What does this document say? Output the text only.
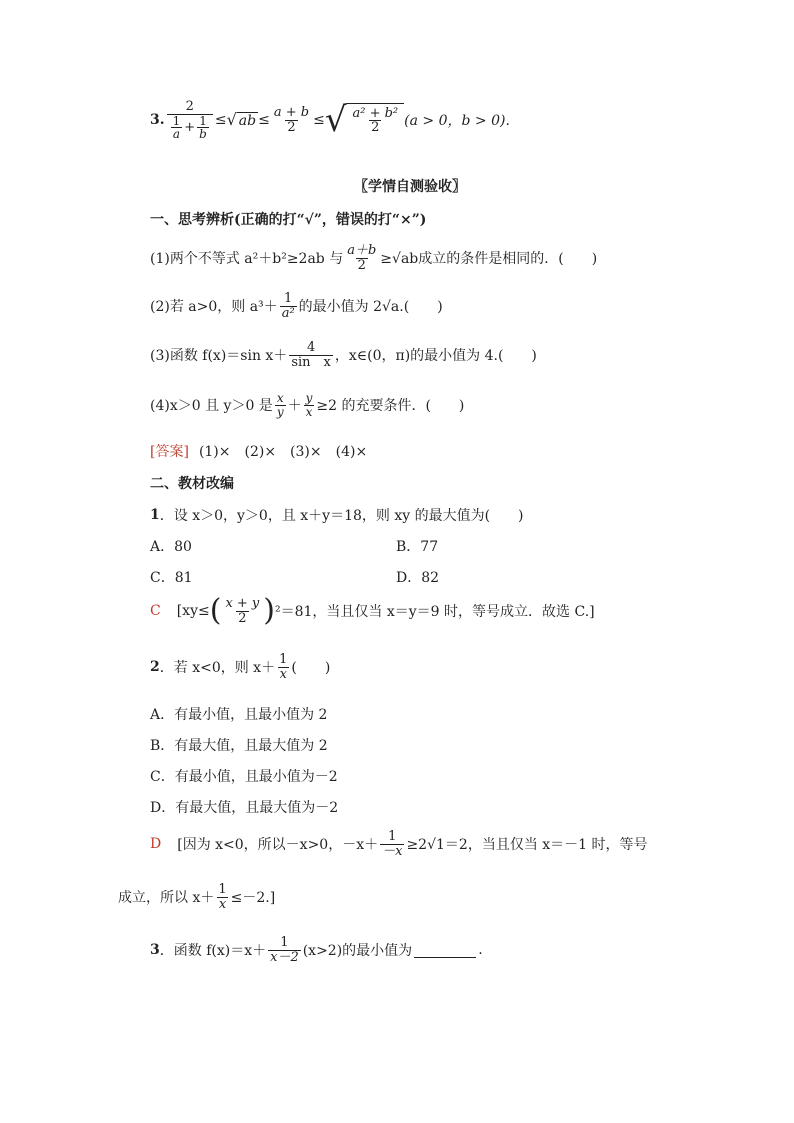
3. $\frac{2}{\frac{1}{a} + \frac{1}{b}}$ ≤ √ ab ≤ $\frac{a + b}{2}$ ≤ √ $\frac{\text{a² + b²}}{2} (a > 0$，b > 0).
〖学情自测验收〗
一、思考辨析(正确的打“√”，错误的打“×”)
(1)两个不等式 a²＋b²≥2ab 与 $\frac{a+b}{2} \ge√ab$成立的条件是相同的．(　　)
(2)若 a>0，则 $a^3+ \frac{1}{\text{a²}}$ 的最小值为 2√a.(　　)
(3)函数 f(x)＝sin $x+ \frac{4}{\text{sin　x}}$ ，x∈(0，π)的最小值为 4.(　　)
(4)x＞0 且 y＞0 是 $\frac{x}{y} + \frac{y}{x} \ge 2$ 的充要条件．(　　)
[答案] (1)×　(2)×　(3)×　(4)×
二、教材改编
1 ．设 x＞0，y＞0，且 x＋y＝18，则 xy 的最大值为(　　)
A．80	B．77
C．81	D．82
C [xy≤ ( $\frac{x + y}{2}$ ) ²＝81，当且仅当 x＝y＝9 时，等号成立．故选 C.]
2 ．若 x<0，则 $x+ \frac{1}{x}$ (　　)
A．有最小值，且最小值为 2
B．有最大值，且最大值为 2
C．有最小值，且最小值为－2
D．有最大值，且最大值为－2
D [因为 x<0，所以－x>0，$-x+ \frac{1}{-x} \ge 2√1=2$，当且仅当 x＝－1 时，等号
成立，所以 $x+ \frac{1}{x} \le-2$.]
3 ．函数 $f(x)=x+ \frac{1}{x-2} (x>2)$的最小值为	.
